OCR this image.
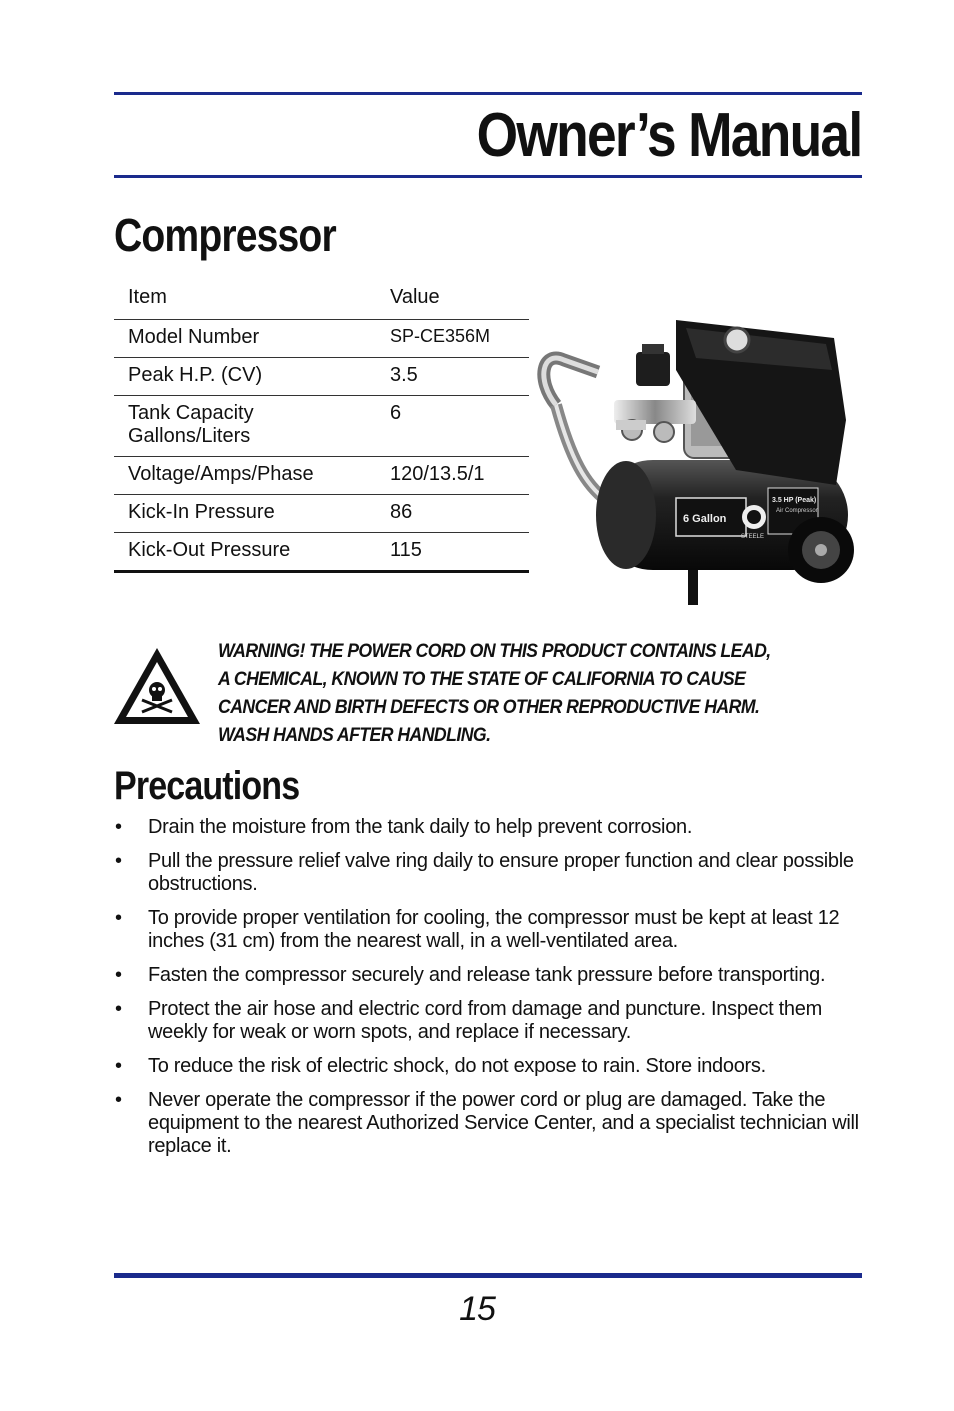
Owner’s Manual
Compressor
Item	Value
Model Number	SP-CE356M
Peak H.P. (CV)	3.5

Tank Capacity
Gallons/Liters	6
Voltage/Amps/Phase	120/13.5/1
Kick-In Pressure	86
Kick-Out Pressure	115
6 Gallon
STEELE
3.5 HP (Peak)
Air Compressor

WARNING! THE POWER CORD ON THIS PRODUCT CONTAINS LEAD,

A CHEMICAL, KNOWN TO THE STATE OF CALIFORNIA TO CAUSE

CANCER AND BIRTH DEFECTS OR OTHER REPRODUCTIVE HARM.

WASH HANDS AFTER HANDLING.

Precautions
• Drain the moisture from the tank daily to help prevent corrosion.
• Pull the pressure relief valve ring daily to ensure proper function and clear possible obstructions.
• To provide proper ventilation for cooling, the compressor must be kept at least 12 inches (31 cm) from the nearest wall, in a well-ventilated area.
• Fasten the compressor securely and release tank pressure before transporting.
• Protect the air hose and electric cord from damage and puncture. Inspect them weekly for weak or worn spots, and replace if necessary.
• To reduce the risk of electric shock, do not expose to rain. Store indoors.
• Never operate the compressor if the power cord or plug are damaged. Take the equipment to the nearest Authorized Service Center, and a specialist technician will replace it.
15
